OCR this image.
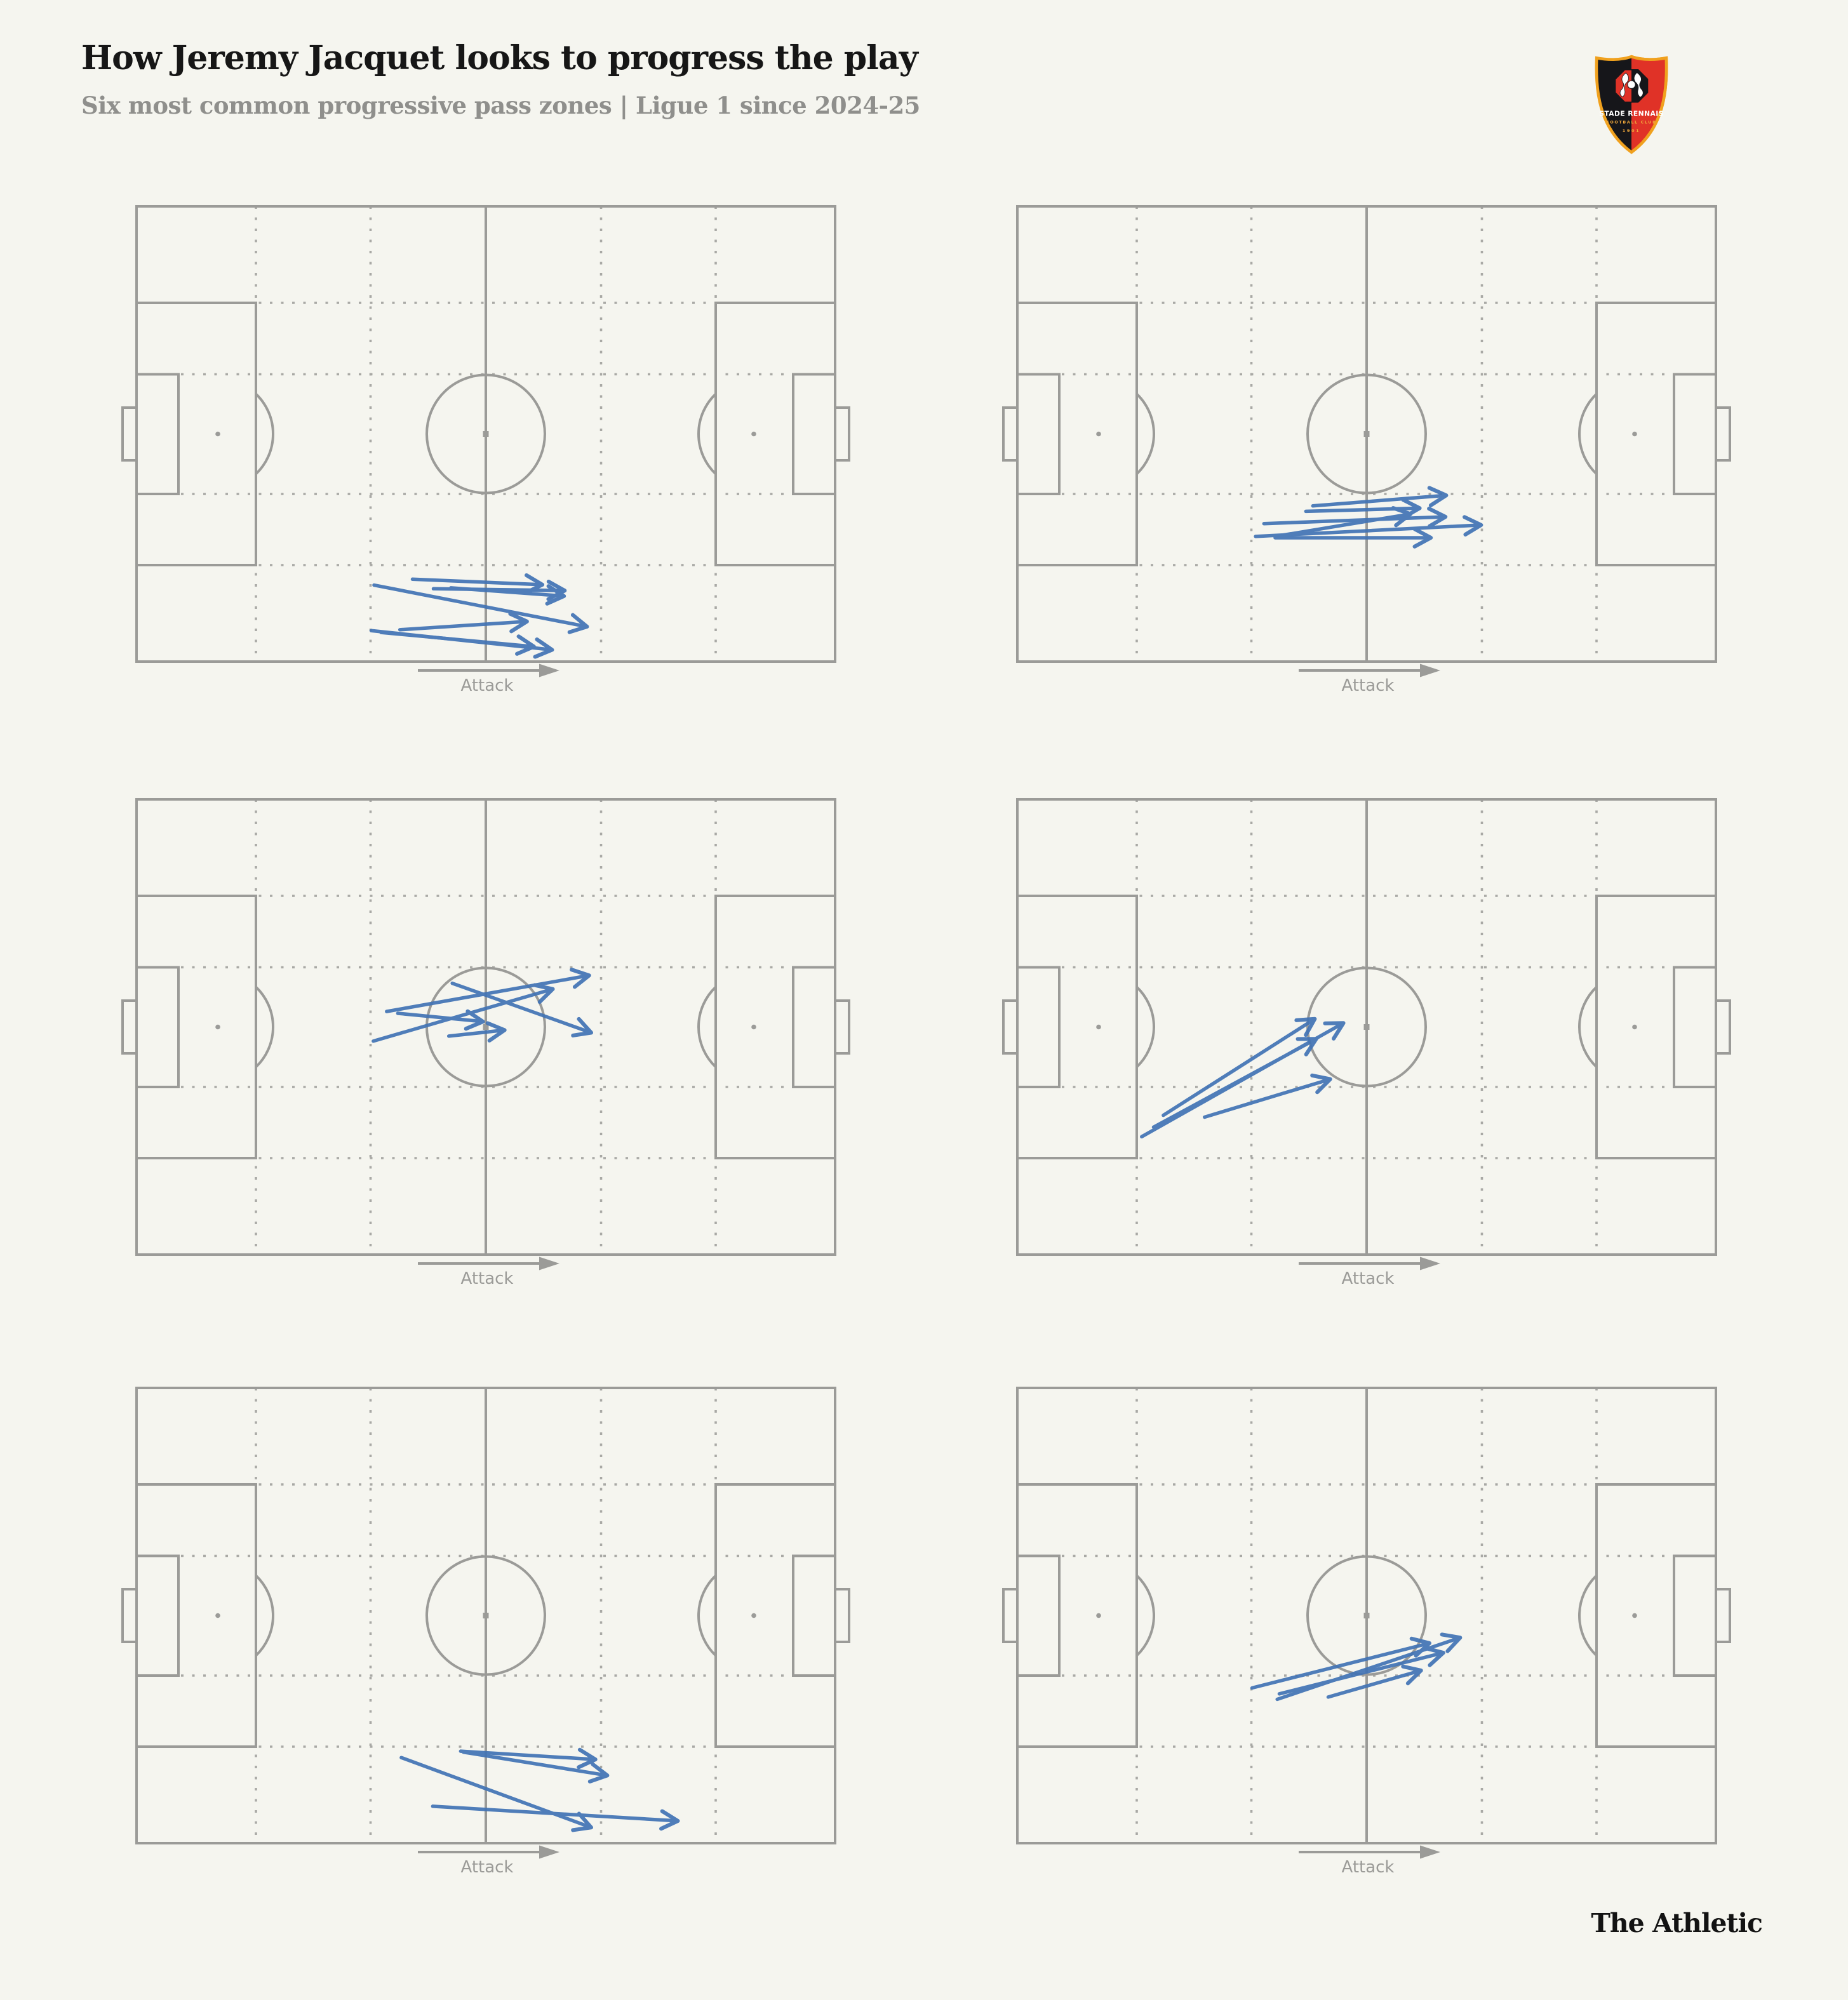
How Jeremy Jacquet looks to progress the play

Six most common progressive pass zones | Ligue 1 since 2024-25	STADE RENNAIS
FOOTBALL CLUB
1901
Attack	Attack
Attack	Attack
Attack	Attack
The Athletic
